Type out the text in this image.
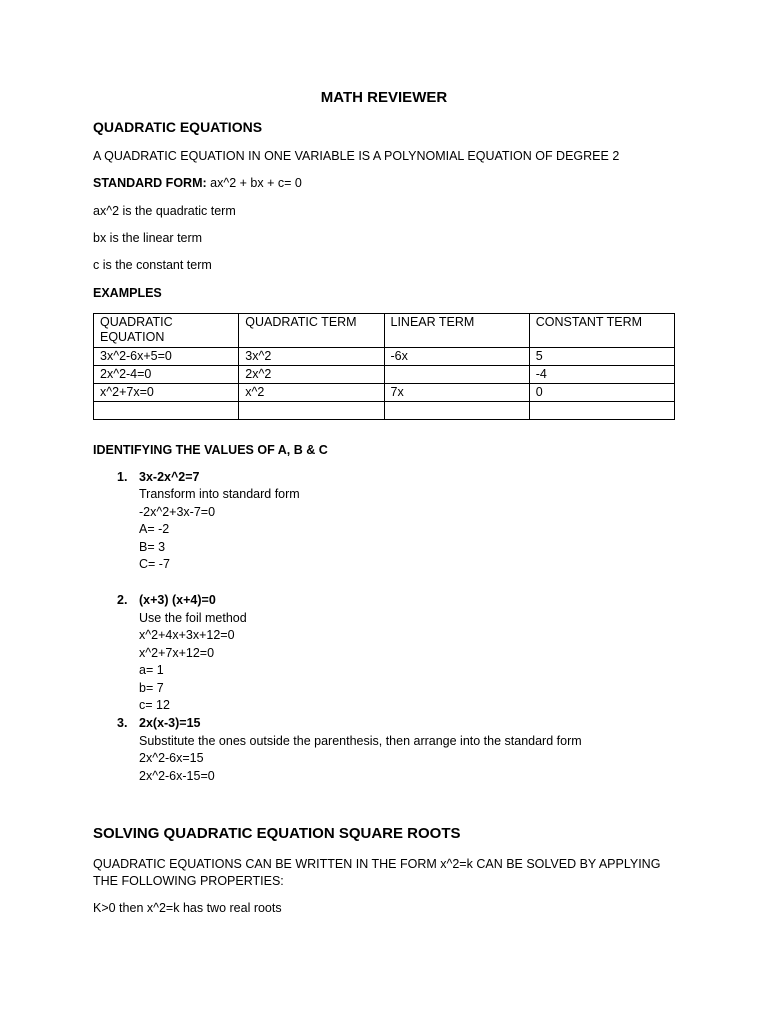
MATH REVIEWER
QUADRATIC EQUATIONS
A QUADRATIC EQUATION IN ONE VARIABLE IS A POLYNOMIAL EQUATION OF DEGREE 2
STANDARD FORM: ax^2 + bx + c= 0
ax^2 is the quadratic term
bx is the linear term
c is the constant term
EXAMPLES
QUADRATIC EQUATION	QUADRATIC TERM	LINEAR TERM	CONSTANT TERM
3x^2-6x+5=0	3x^2	-6x	5
2x^2-4=0	2x^2		-4
x^2+7x=0	x^2	7x	0

IDENTIFYING THE VALUES OF A, B & C
1. 3x-2x^2=7
Transform into standard form
-2x^2+3x-7=0
A= -2
B= 3
C= -7
2. (x+3) (x+4)=0
Use the foil method
x^2+4x+3x+12=0
x^2+7x+12=0
a= 1
b= 7
c= 12
3. 2x(x-3)=15
Substitute the ones outside the parenthesis, then arrange into the standard form
2x^2-6x=15
2x^2-6x-15=0
SOLVING QUADRATIC EQUATION SQUARE ROOTS
QUADRATIC EQUATIONS CAN BE WRITTEN IN THE FORM x^2=k CAN BE SOLVED BY APPLYING THE FOLLOWING PROPERTIES:
K>0 then x^2=k has two real roots
